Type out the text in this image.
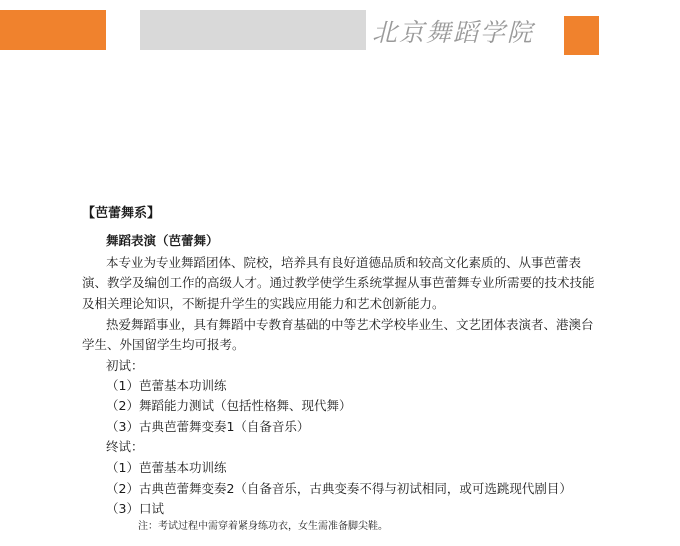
北京舞蹈学院
【芭蕾舞系】
舞蹈表演（芭蕾舞）
本专业为专业舞蹈团体、院校，培养具有良好道德品质和较高文化素质的、从事芭蕾表
演、教学及编创工作的高级人才。通过教学使学生系统掌握从事芭蕾舞专业所需要的技术技能
及相关理论知识，不断提升学生的实践应用能力和艺术创新能力。
热爱舞蹈事业，具有舞蹈中专教育基础的中等艺术学校毕业生、文艺团体表演者、港澳台
学生、外国留学生均可报考。
初试：
（1）芭蕾基本功训练
（2）舞蹈能力测试（包括性格舞、现代舞）
（3）古典芭蕾舞变奏1（自备音乐）
终试：
（1）芭蕾基本功训练
（2）古典芭蕾舞变奏2（自备音乐，古典变奏不得与初试相同，或可选跳现代剧目）
（3）口试
注：考试过程中需穿着紧身练功衣，女生需准备脚尖鞋。
